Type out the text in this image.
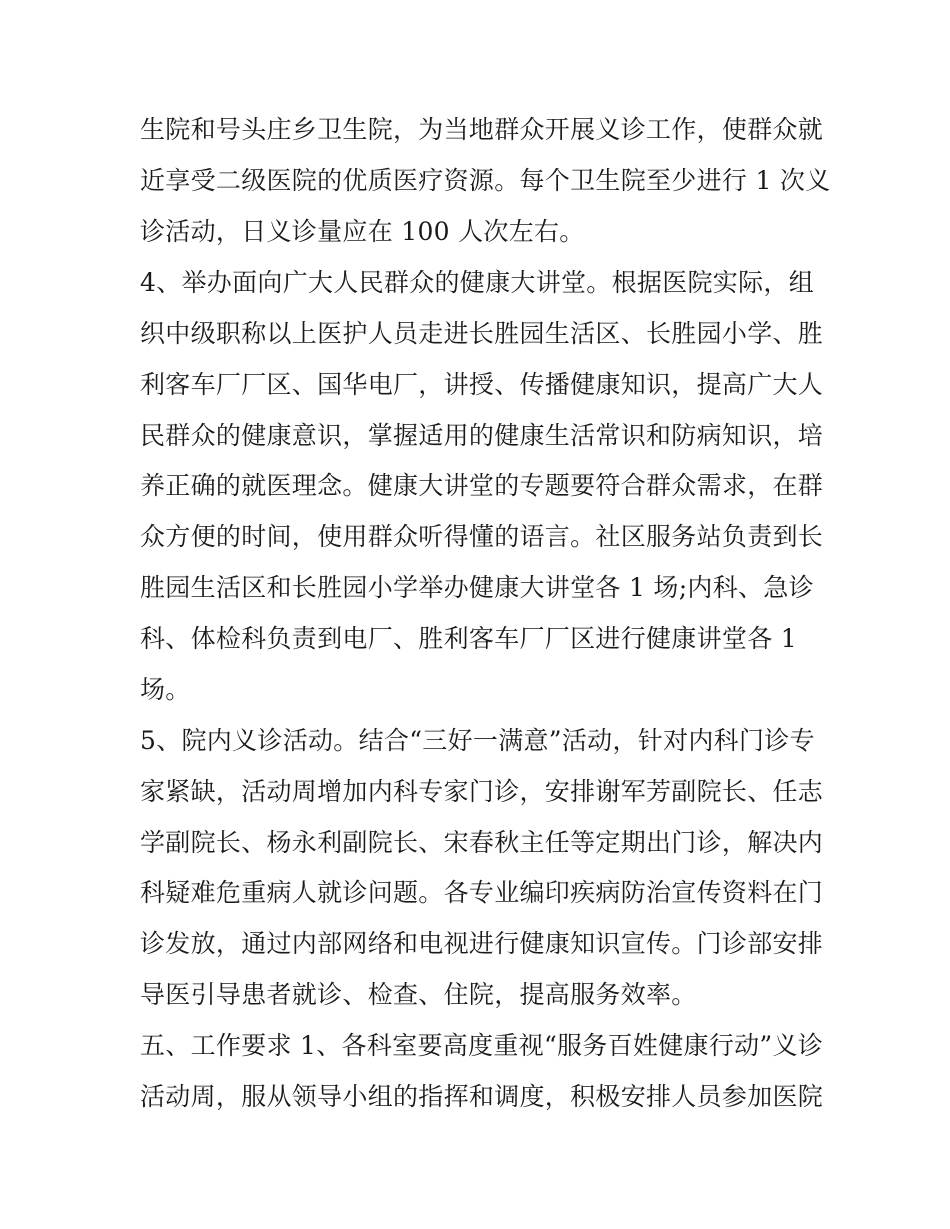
生院和号头庄乡卫生院，为当地群众开展义诊工作，使群众就
近享受二级医院的优质医疗资源。每个卫生院至少进行 1 次义
诊活动，日义诊量应在 100 人次左右。
4、举办面向广大人民群众的健康大讲堂。根据医院实际，组
织中级职称以上医护人员走进长胜园生活区、长胜园小学、胜
利客车厂厂区、国华电厂，讲授、传播健康知识，提高广大人
民群众的健康意识，掌握适用的健康生活常识和防病知识，培
养正确的就医理念。健康大讲堂的专题要符合群众需求，在群
众方便的时间，使用群众听得懂的语言。社区服务站负责到长
胜园生活区和长胜园小学举办健康大讲堂各 1 场;内科、急诊
科、体检科负责到电厂、胜利客车厂厂区进行健康讲堂各 1
场。
5、院内义诊活动。结合“三好一满意”活动，针对内科门诊专
家紧缺，活动周增加内科专家门诊，安排谢军芳副院长、任志
学副院长、杨永利副院长、宋春秋主任等定期出门诊，解决内
科疑难危重病人就诊问题。各专业编印疾病防治宣传资料在门
诊发放，通过内部网络和电视进行健康知识宣传。门诊部安排
导医引导患者就诊、检查、住院，提高服务效率。
五、工作要求 1、各科室要高度重视“服务百姓健康行动”义诊
活动周，服从领导小组的指挥和调度，积极安排人员参加医院
